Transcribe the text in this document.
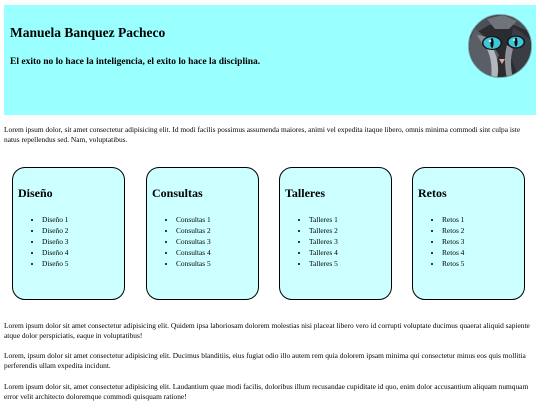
Manuela Banquez Pacheco
El exito no lo hace la inteligencia, el exito lo hace la disciplina.

Lorem ipsum dolor, sit amet consectetur adipisicing elit. Id modi facilis possimus assumenda maiores, animi vel expedita itaque libero, omnis minima commodi sint culpa iste natus repellendus sed. Nam, voluptatibus.

Diseño
• Diseño 1
• Diseño 2
• Diseño 3
• Diseño 4
• Diseño 5
Consultas
• Consultas 1
• Consultas 2
• Consultas 3
• Consultas 4
• Consultas 5
Talleres
• Talleres 1
• Talleres 2
• Talleres 3
• Talleres 4
• Talleres 5
Retos
• Retos 1
• Retos 2
• Retos 3
• Retos 4
• Retos 5

Lorem ipsum dolor sit amet consectetur adipisicing elit. Quidem ipsa laboriosam dolorem molestias nisi placeat libero vero id corrupti voluptate ducimus quaerat aliquid sapiente atque dolor perspiciatis, eaque in voluptatibus!

Lorem, ipsum dolor sit amet consectetur adipisicing elit. Ducimus blanditiis, eius fugiat odio illo autem rem quia dolorem ipsam minima qui consectetur minus eos quis mollitia perferendis ullam expedita incidunt.

Lorem ipsum dolor sit, amet consectetur adipisicing elit. Laudantium quae modi facilis, doloribus illum recusandae cupiditate id quo, enim dolor accusantium aliquam numquam error velit architecto doloremque commodi quisquam ratione!
